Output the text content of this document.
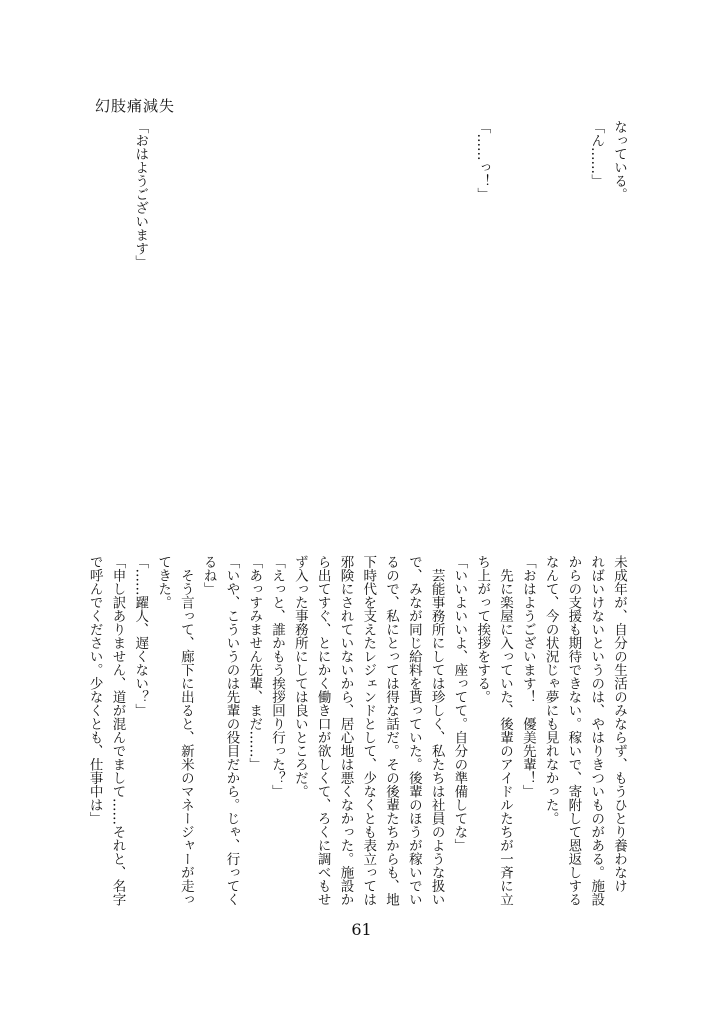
幻肢痛減失
なっている。
「ん……」
「……っ！」
「おはようございます」
未成年が、自分の生活のみならず、もうひとり養わなけ
ればいけないというのは、やはりきついものがある。施設
からの支援も期待できない。稼いで、寄附して恩返しする
なんて、今の状況じゃ夢にも見れなかった。
「おはようございます！　優美先輩！」
　先に楽屋に入っていた、後輩のアイドルたちが一斉に立
ち上がって挨拶をする。
「いいよいいよ、座ってて。自分の準備してな」
　芸能事務所にしては珍しく、私たちは社員のような扱い
で、みなが同じ給料を貰っていた。後輩のほうが稼いでい
るので、私にとっては得な話だ。その後輩たちからも、地
下時代を支えたレジェンドとして、少なくとも表立っては
邪険にされていないから、居心地は悪くなかった。施設か
ら出てすぐ、とにかく働き口が欲しくて、ろくに調べもせ
ず入った事務所にしては良いところだ。
「えっと、誰かもう挨拶回り行った？」
「あっすみません先輩、まだ……」
「いや、こういうのは先輩の役目だから。じゃ、行ってく
るね」
　そう言って、廊下に出ると、新米のマネージャーが走っ
てきた。
「……躍人、遅くない？」
「申し訳ありません、道が混んでまして……それと、名字
で呼んでください。少なくとも、仕事中は」
61
